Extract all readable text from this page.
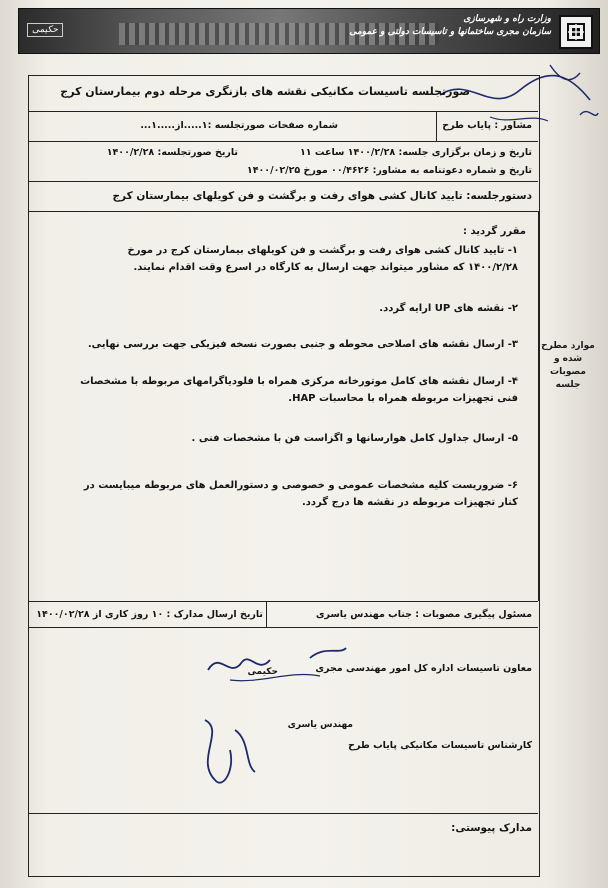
حکیمی
وزارت راه و شهرسازی
سازمان مجری ساختمانها و تاسیسات دولتی و عمومی
صورتجلسه تاسیسات مکانیکی نقشه های بازنگری مرحله دوم بیمارستان کرج
مشاور : پایاب طرح
شماره صفحات صورتجلسه :۱.....از.....۱...
تاریخ و زمان برگزاری جلسه: ۱۴۰۰/۲/۲۸ ساعت ۱۱
تاریخ صورتجلسه: ۱۴۰۰/۲/۲۸
تاریخ و شماره دعوتنامه به مشاور: ۰۰/۴۶۲۶ مورخ ۱۴۰۰/۰۲/۲۵
دستورجلسه: تایید کانال کشی هوای رفت و برگشت و فن کویلهای بیمارستان کرج
موارد مطرح شده و مصوبات جلسه
مقرر گردید :
۱- تایید کانال کشی هوای رفت و برگشت و فن کویلهای بیمارستان کرج در مورخ ۱۴۰۰/۲/۲۸ که مشاور میتواند جهت ارسال به کارگاه در اسرع وقت اقدام نمایند.
۲- نقشه های UP ارایه گردد.
۳- ارسال نقشه های اصلاحی محوطه و جنبی بصورت نسخه فیزیکی جهت بررسی نهایی.
۴- ارسال نقشه های کامل موتورخانه مرکزی همراه با فلودیاگرامهای مربوطه با مشخصات فنی تجهیزات مربوطه همراه با محاسبات HAP.
۵- ارسال جداول کامل هوارسانها و اگزاست فن با مشخصات فنی .
۶- ضروریست کلیه مشخصات عمومی و خصوصی و دستورالعمل های مربوطه میبایست در کنار تجهیزات مربوطه در نقشه ها درج گردد.
مسئول پیگیری مصوبات : جناب مهندس یاسری
تاریخ ارسال مدارک : ۱۰ روز کاری از ۱۴۰۰/۰۲/۲۸
معاون تاسیسات اداره کل امور مهندسی مجری
حکیمی
کارشناس تاسیسات مکانیکی پایاب طرح
مهندس یاسری
مدارک پیوستی:
